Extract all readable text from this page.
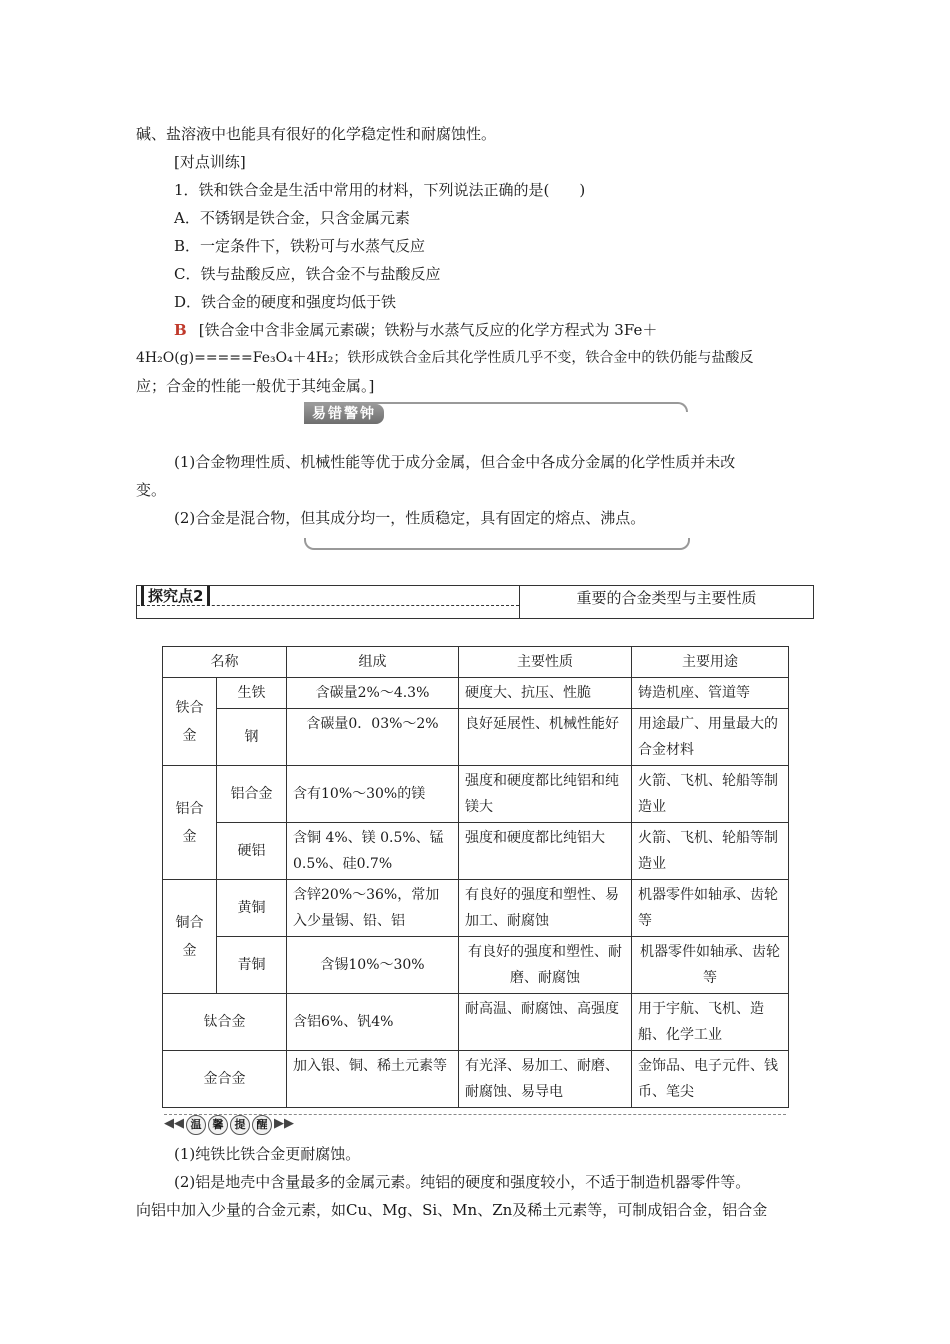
碱、盐溶液中也能具有很好的化学稳定性和耐腐蚀性。
[对点训练]
1．铁和铁合金是生活中常用的材料，下列说法正确的是(　　)
A．不锈钢是铁合金，只含金属元素
B．一定条件下，铁粉可与水蒸气反应
C．铁与盐酸反应，铁合金不与盐酸反应
D．铁合金的硬度和强度均低于铁
B [铁合金中含非金属元素碳；铁粉与水蒸气反应的化学方程式为 3Fe＋
4H₂O(g)=====Fe₃O₄＋4H₂；铁形成铁合金后其化学性质几乎不变，铁合金中的铁仍能与盐酸反
应；合金的性能一般优于其纯金属。]
易错警钟
(1)合金物理性质、机械性能等优于成分金属，但合金中各成分金属的化学性质并未改
变。
(2)合金是混合物，但其成分均一，性质稳定，具有固定的熔点、沸点。
探究点2	重要的合金类型与主要性质
名称		组成	主要性质	主要用途
铁合金	生铁	含碳量2%～4.3%	硬度大、抗压、性脆	铸造机座、管道等
	钢	含碳量0．03%～2%	良好延展性、机械性能好	用途最广、用量最大的合金材料
铝合金	铝合金	含有10%～30%的镁	强度和硬度都比纯铝和纯镁大	火箭、飞机、轮船等制造业
	硬铝	含铜 4%、镁 0.5%、锰0.5%、硅0.7%	强度和硬度都比纯铝大	火箭、飞机、轮船等制造业
铜合金	黄铜	含锌20%～36%，常加入少量锡、铅、铝	有良好的强度和塑性、易加工、耐腐蚀	机器零件如轴承、齿轮等
	青铜	含锡10%～30%	有良好的强度和塑性、耐磨、耐腐蚀	机器零件如轴承、齿轮等
钛合金		含铝6%、钒4%	耐高温、耐腐蚀、高强度	用于宇航、飞机、造船、化学工业
金合金		加入银、铜、稀土元素等	有光泽、易加工、耐磨、耐腐蚀、易导电	金饰品、电子元件、钱币、笔尖
◀◀ 温	馨	提	醒 ▶▶
(1)纯铁比铁合金更耐腐蚀。
(2)铝是地壳中含量最多的金属元素。纯铝的硬度和强度较小，不适于制造机器零件等。
向铝中加入少量的合金元素，如Cu、Mg、Si、Mn、Zn及稀土元素等，可制成铝合金，铝合金
